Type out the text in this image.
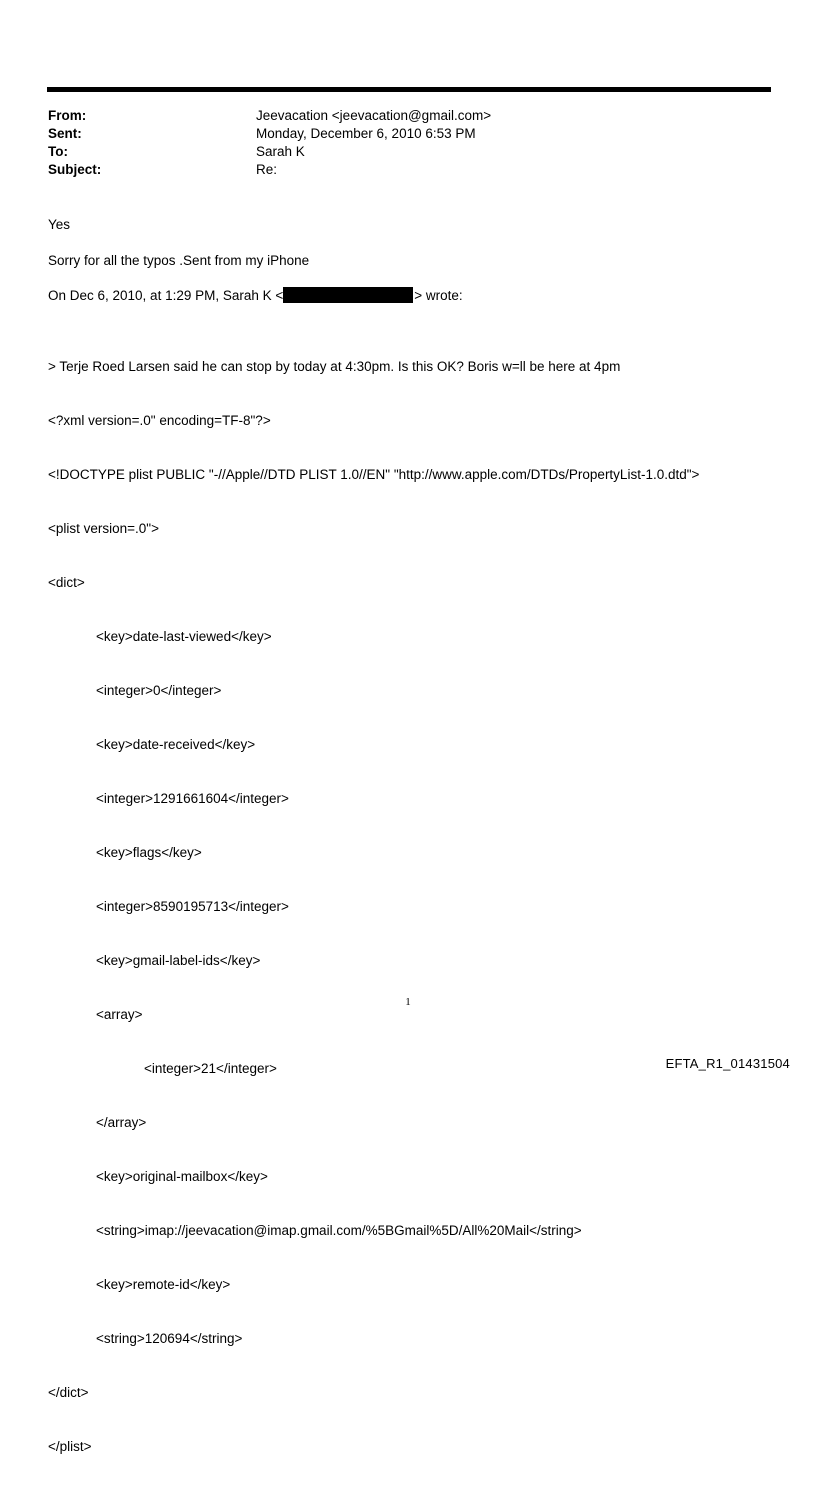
From:	Jeevacation <jeevacation@gmail.com>
Sent:	Monday, December 6, 2010 6:53 PM
To:	Sarah K
Subject:	Re:
Yes
Sorry for all the typos .Sent from my iPhone
On Dec 6, 2010, at 1:29 PM, Sarah K <	> wrote:

> Terje Roed Larsen said he can stop by today at 4:30pm. Is this OK? Boris w=ll be here at 4pm

<?xml version=.0" encoding=TF-8"?>

<!DOCTYPE plist PUBLIC "-//Apple//DTD PLIST 1.0//EN" "http://www.apple.com/DTDs/PropertyList-1.0.dtd">

<plist version=.0">

<dict>

<key>date-last-viewed</key>

<integer>0</integer>

<key>date-received</key>

<integer>1291661604</integer>

<key>flags</key>

<integer>8590195713</integer>

<key>gmail-label-ids</key>

<array>

<integer>21</integer>

</array>

<key>original-mailbox</key>

<string>imap://jeevacation@imap.gmail.com/%5BGmail%5D/All%20Mail</string>

<key>remote-id</key>

<string>120694</string>

</dict>

</plist>

1
EFTA_R1_01431504
